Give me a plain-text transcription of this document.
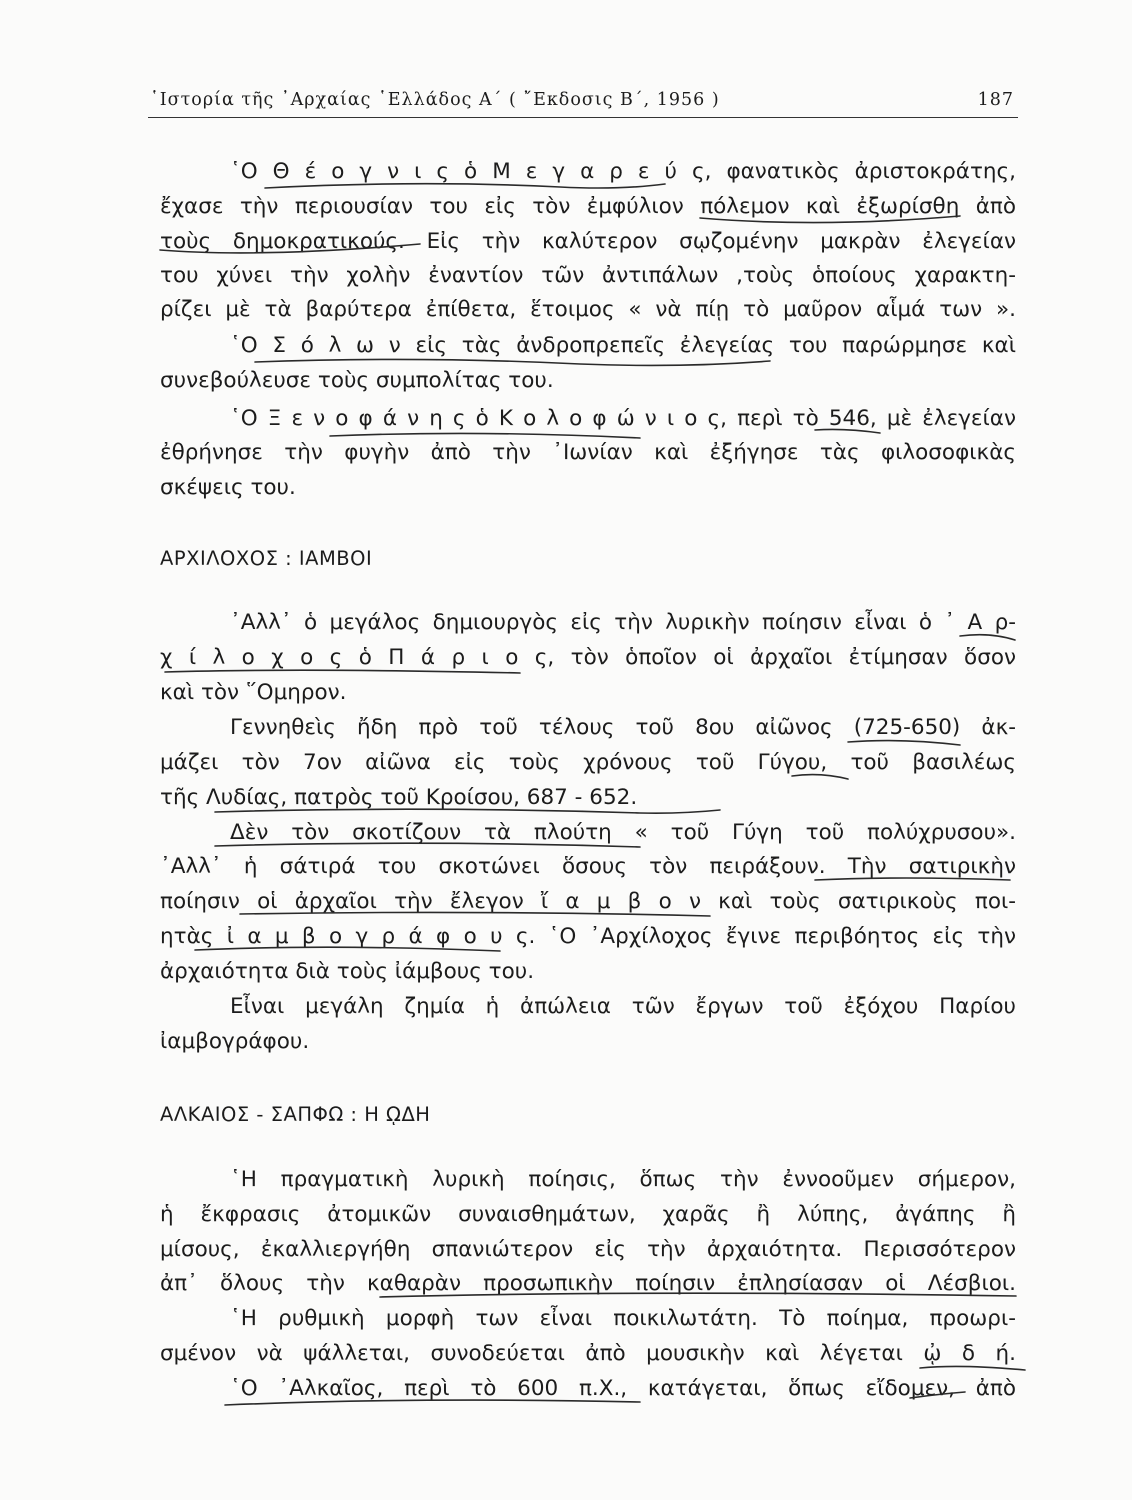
῾Ιστορία τῆς ᾿Αρχαίας ῾Ελλάδος Α΄ ( ῎Εκδοσις Β΄, 1956 )	187
῾Ο Θ έ ο γ ν ι ς ὁ Μ ε γ α ρ ε ύ ς, φανατικὸς ἀριστοκράτης,
ἔχασε τὴν περιουσίαν του εἰς τὸν ἐμφύλιον πόλεμον καὶ ἐξωρίσθη ἀπὸ
τοὺς δημοκρατικούς. Εἰς τὴν καλύτερον σῳζομένην μακρὰν ἐλεγείαν
του χύνει τὴν χολὴν ἐναντίον τῶν ἀντιπάλων ,τοὺς ὁποίους χαρακτη-
ρίζει μὲ τὰ βαρύτερα ἐπίθετα, ἕτοιμος « νὰ πίῃ τὸ μαῦρον αἷμά των ».
῾Ο Σ ό λ ω ν εἰς τὰς ἀνδροπρεπεῖς ἐλεγείας του παρώρμησε καὶ
συνεβούλευσε τοὺς συμπολίτας του.
῾Ο Ξ ε ν ο φ ά ν η ς ὁ Κ ο λ ο φ ώ ν ι ο ς, περὶ τὸ 546, μὲ ἐλεγείαν
ἐθρήνησε τὴν φυγὴν ἀπὸ τὴν ᾿Ιωνίαν καὶ ἐξήγησε τὰς φιλοσοφικὰς
σκέψεις του.
ΑΡΧΙΛΟΧΟΣ : ΙΑΜΒΟΙ
᾿Αλλ᾿ ὁ μεγάλος δημιουργὸς εἰς τὴν λυρικὴν ποίησιν εἶναι ὁ ᾿ Α ρ-
χ ί λ ο χ ο ς ὁ Π ά ρ ι ο ς, τὸν ὁποῖον οἱ ἀρχαῖοι ἐτίμησαν ὅσον
καὶ τὸν ῞Ομηρον.
Γεννηθεὶς ἤδη πρὸ τοῦ τέλους τοῦ 8ου αἰῶνος (725-650) ἀκ-
μάζει τὸν 7ον αἰῶνα εἰς τοὺς χρόνους τοῦ Γύγου, τοῦ βασιλέως
τῆς Λυδίας, πατρὸς τοῦ Κροίσου, 687 - 652.
Δὲν τὸν σκοτίζουν τὰ πλούτη « τοῦ Γύγη τοῦ πολύχρυσου».
᾿Αλλ᾿ ἡ σάτιρά του σκοτώνει ὅσους τὸν πειράξουν. Τὴν σατιρικὴν
ποίησιν οἱ ἀρχαῖοι τὴν ἔλεγον ἴ α μ β ο ν καὶ τοὺς σατιρικοὺς ποι-
ητὰς ἰ α μ β ο γ ρ ά φ ο υ ς. ῾Ο ᾿Αρχίλοχος ἔγινε περιβόητος εἰς τὴν
ἀρχαιότητα διὰ τοὺς ἰάμβους του.
Εἶναι μεγάλη ζημία ἡ ἀπώλεια τῶν ἔργων τοῦ ἐξόχου Παρίου
ἰαμβογράφου.
ΑΛΚΑΙΟΣ - ΣΑΠΦΩ : Η ῼΔΗ
῾Η πραγματικὴ λυρικὴ ποίησις, ὅπως τὴν ἐννοοῦμεν σήμερον,
ἡ ἔκφρασις ἀτομικῶν συναισθημάτων, χαρᾶς ἢ λύπης, ἀγάπης ἢ
μίσους, ἐκαλλιεργήθη σπανιώτερον εἰς τὴν ἀρχαιότητα. Περισσότερον
ἀπ᾿ ὅλους τὴν καθαρὰν προσωπικὴν ποίησιν ἐπλησίασαν οἱ Λέσβιοι.
῾Η ρυθμικὴ μορφὴ των εἶναι ποικιλωτάτη. Τὸ ποίημα, προωρι-
σμένον νὰ ψάλλεται, συνοδεύεται ἀπὸ μουσικὴν καὶ λέγεται ᾠ δ ή.
῾Ο ᾿Αλκαῖος, περὶ τὸ 600 π.Χ., κατάγεται, ὅπως εἴδομεν, ἀπὸ
